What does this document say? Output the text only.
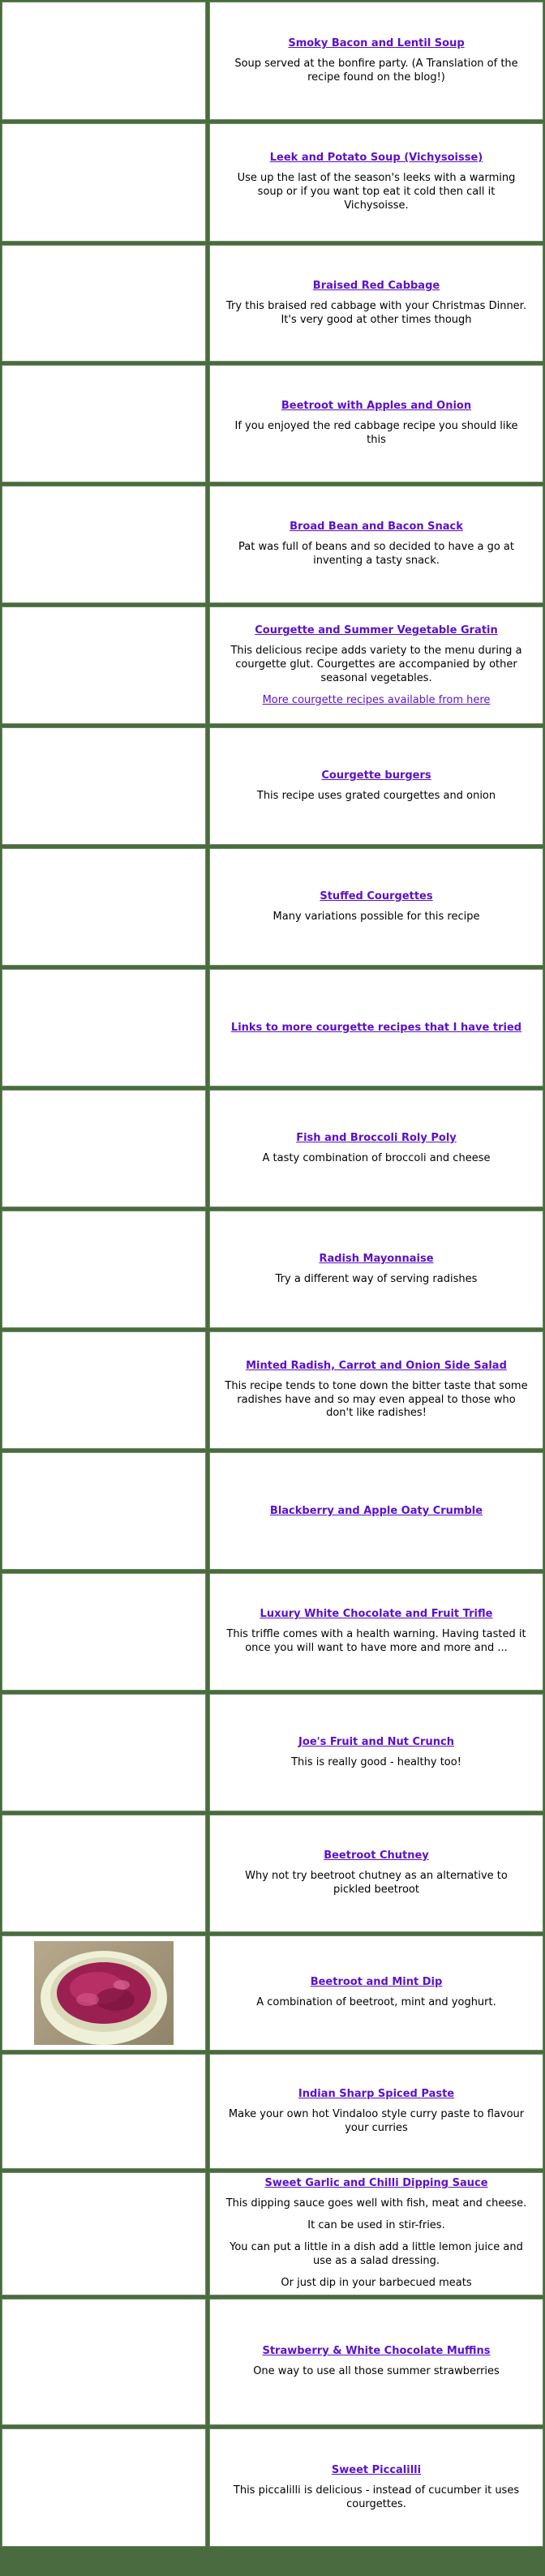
Smoky Bacon and Lentil Soup

Soup served at the bonfire party. (A Translation of the recipe found on the blog!)

Leek and Potato Soup (Vichysoisse)

Use up the last of the season's leeks with a warming soup or if you want top eat it cold then call it Vichysoisse.

Braised Red Cabbage

Try this braised red cabbage with your Christmas Dinner. It's very good at other times though

Beetroot with Apples and Onion

If you enjoyed the red cabbage recipe you should like this

Broad Bean and Bacon Snack

Pat was full of beans and so decided to have a go at inventing a tasty snack.

Courgette and Summer Vegetable Gratin

This delicious recipe adds variety to the menu during a courgette glut. Courgettes are accompanied by other seasonal vegetables.

More courgette recipes available from here
Courgette burgers

This recipe uses grated courgettes and onion

Stuffed Courgettes

Many variations possible for this recipe

Links to more courgette recipes that I have tried
Fish and Broccoli Roly Poly

A tasty combination of broccoli and cheese

Radish Mayonnaise

Try a different way of serving radishes

Minted Radish, Carrot and Onion Side Salad

This recipe tends to tone down the bitter taste that some radishes have and so may even appeal to those who don't like radishes!

Blackberry and Apple Oaty Crumble
Luxury White Chocolate and Fruit Trifle

This triffle comes with a health warning. Having tasted it once you will want to have more and more and ...

Joe's Fruit and Nut Crunch

This is really good - healthy too!

Beetroot Chutney

Why not try beetroot chutney as an alternative to pickled beetroot

Beetroot and Mint Dip

A combination of beetroot, mint and yoghurt.

Indian Sharp Spiced Paste

Make your own hot Vindaloo style curry paste to flavour your curries

Sweet Garlic and Chilli Dipping Sauce

This dipping sauce goes well with fish, meat and cheese.

It can be used in stir-fries.

You can put a little in a dish add a little lemon juice and use as a salad dressing.

Or just dip in your barbecued meats

Strawberry & White Chocolate Muffins

One way to use all those summer strawberries

Sweet Piccalilli

This piccalilli is delicious - instead of cucumber it uses courgettes.
